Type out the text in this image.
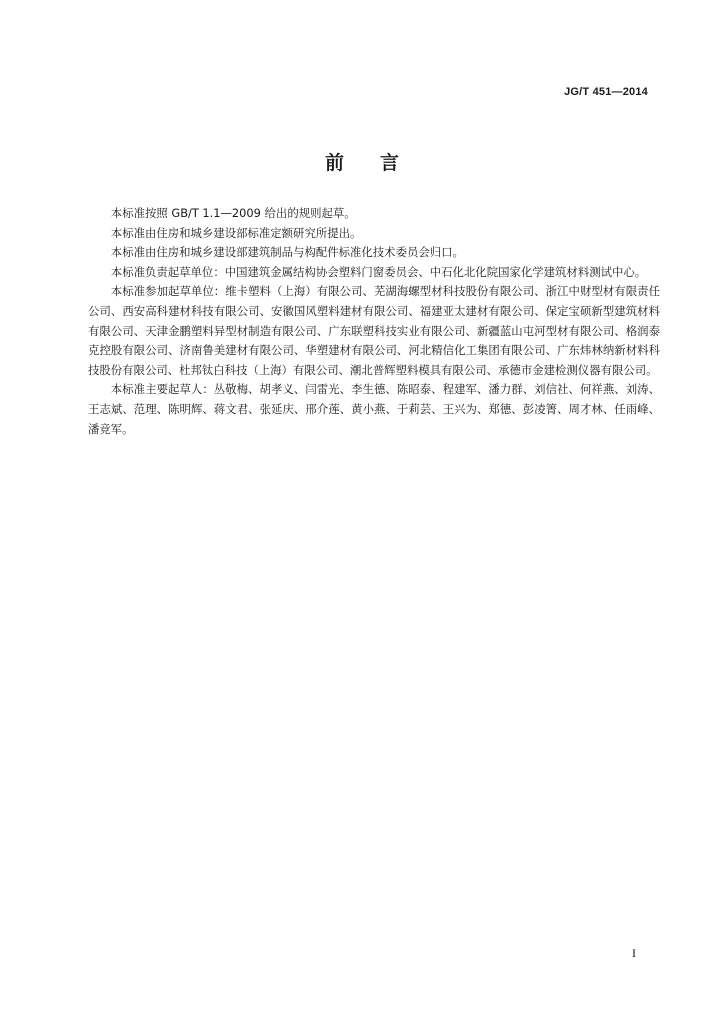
JG/T 451—2014

前言

本标准按照 GB/T 1.1—2009 给出的规则起草。

本标准由住房和城乡建设部标准定额研究所提出。

本标准由住房和城乡建设部建筑制品与构配件标准化技术委员会归口。

本标准负责起草单位：中国建筑金属结构协会塑料门窗委员会、中石化北化院国家化学建筑材料测试中心。

本标准参加起草单位：维卡塑料（上海）有限公司、芜湖海螺型材科技股份有限公司、浙江中财型材有限责任公司、西安高科建材科技有限公司、安徽国风塑料建材有限公司、福建亚太建材有限公司、保定宝硕新型建筑材料有限公司、天津金鹏塑料异型材制造有限公司、广东联塑科技实业有限公司、新疆蓝山屯河型材有限公司、格润泰克控股有限公司、济南鲁美建材有限公司、华塑建材有限公司、河北精信化工集团有限公司、广东炜林纳新材料科技股份有限公司、杜邦钛白科技（上海）有限公司、潮北普辉塑料模具有限公司、承德市金建检测仪器有限公司。

本标准主要起草人：丛敬梅、胡孝义、闫雷光、李生德、陈昭泰、程建军、潘力群、刘信社、何祥燕、刘涛、王志斌、范理、陈明辉、蒋文君、张延庆、邢介莲、黄小燕、于莉芸、王兴为、郑德、彭凌箐、周才林、任雨峰、潘竞军。

I
